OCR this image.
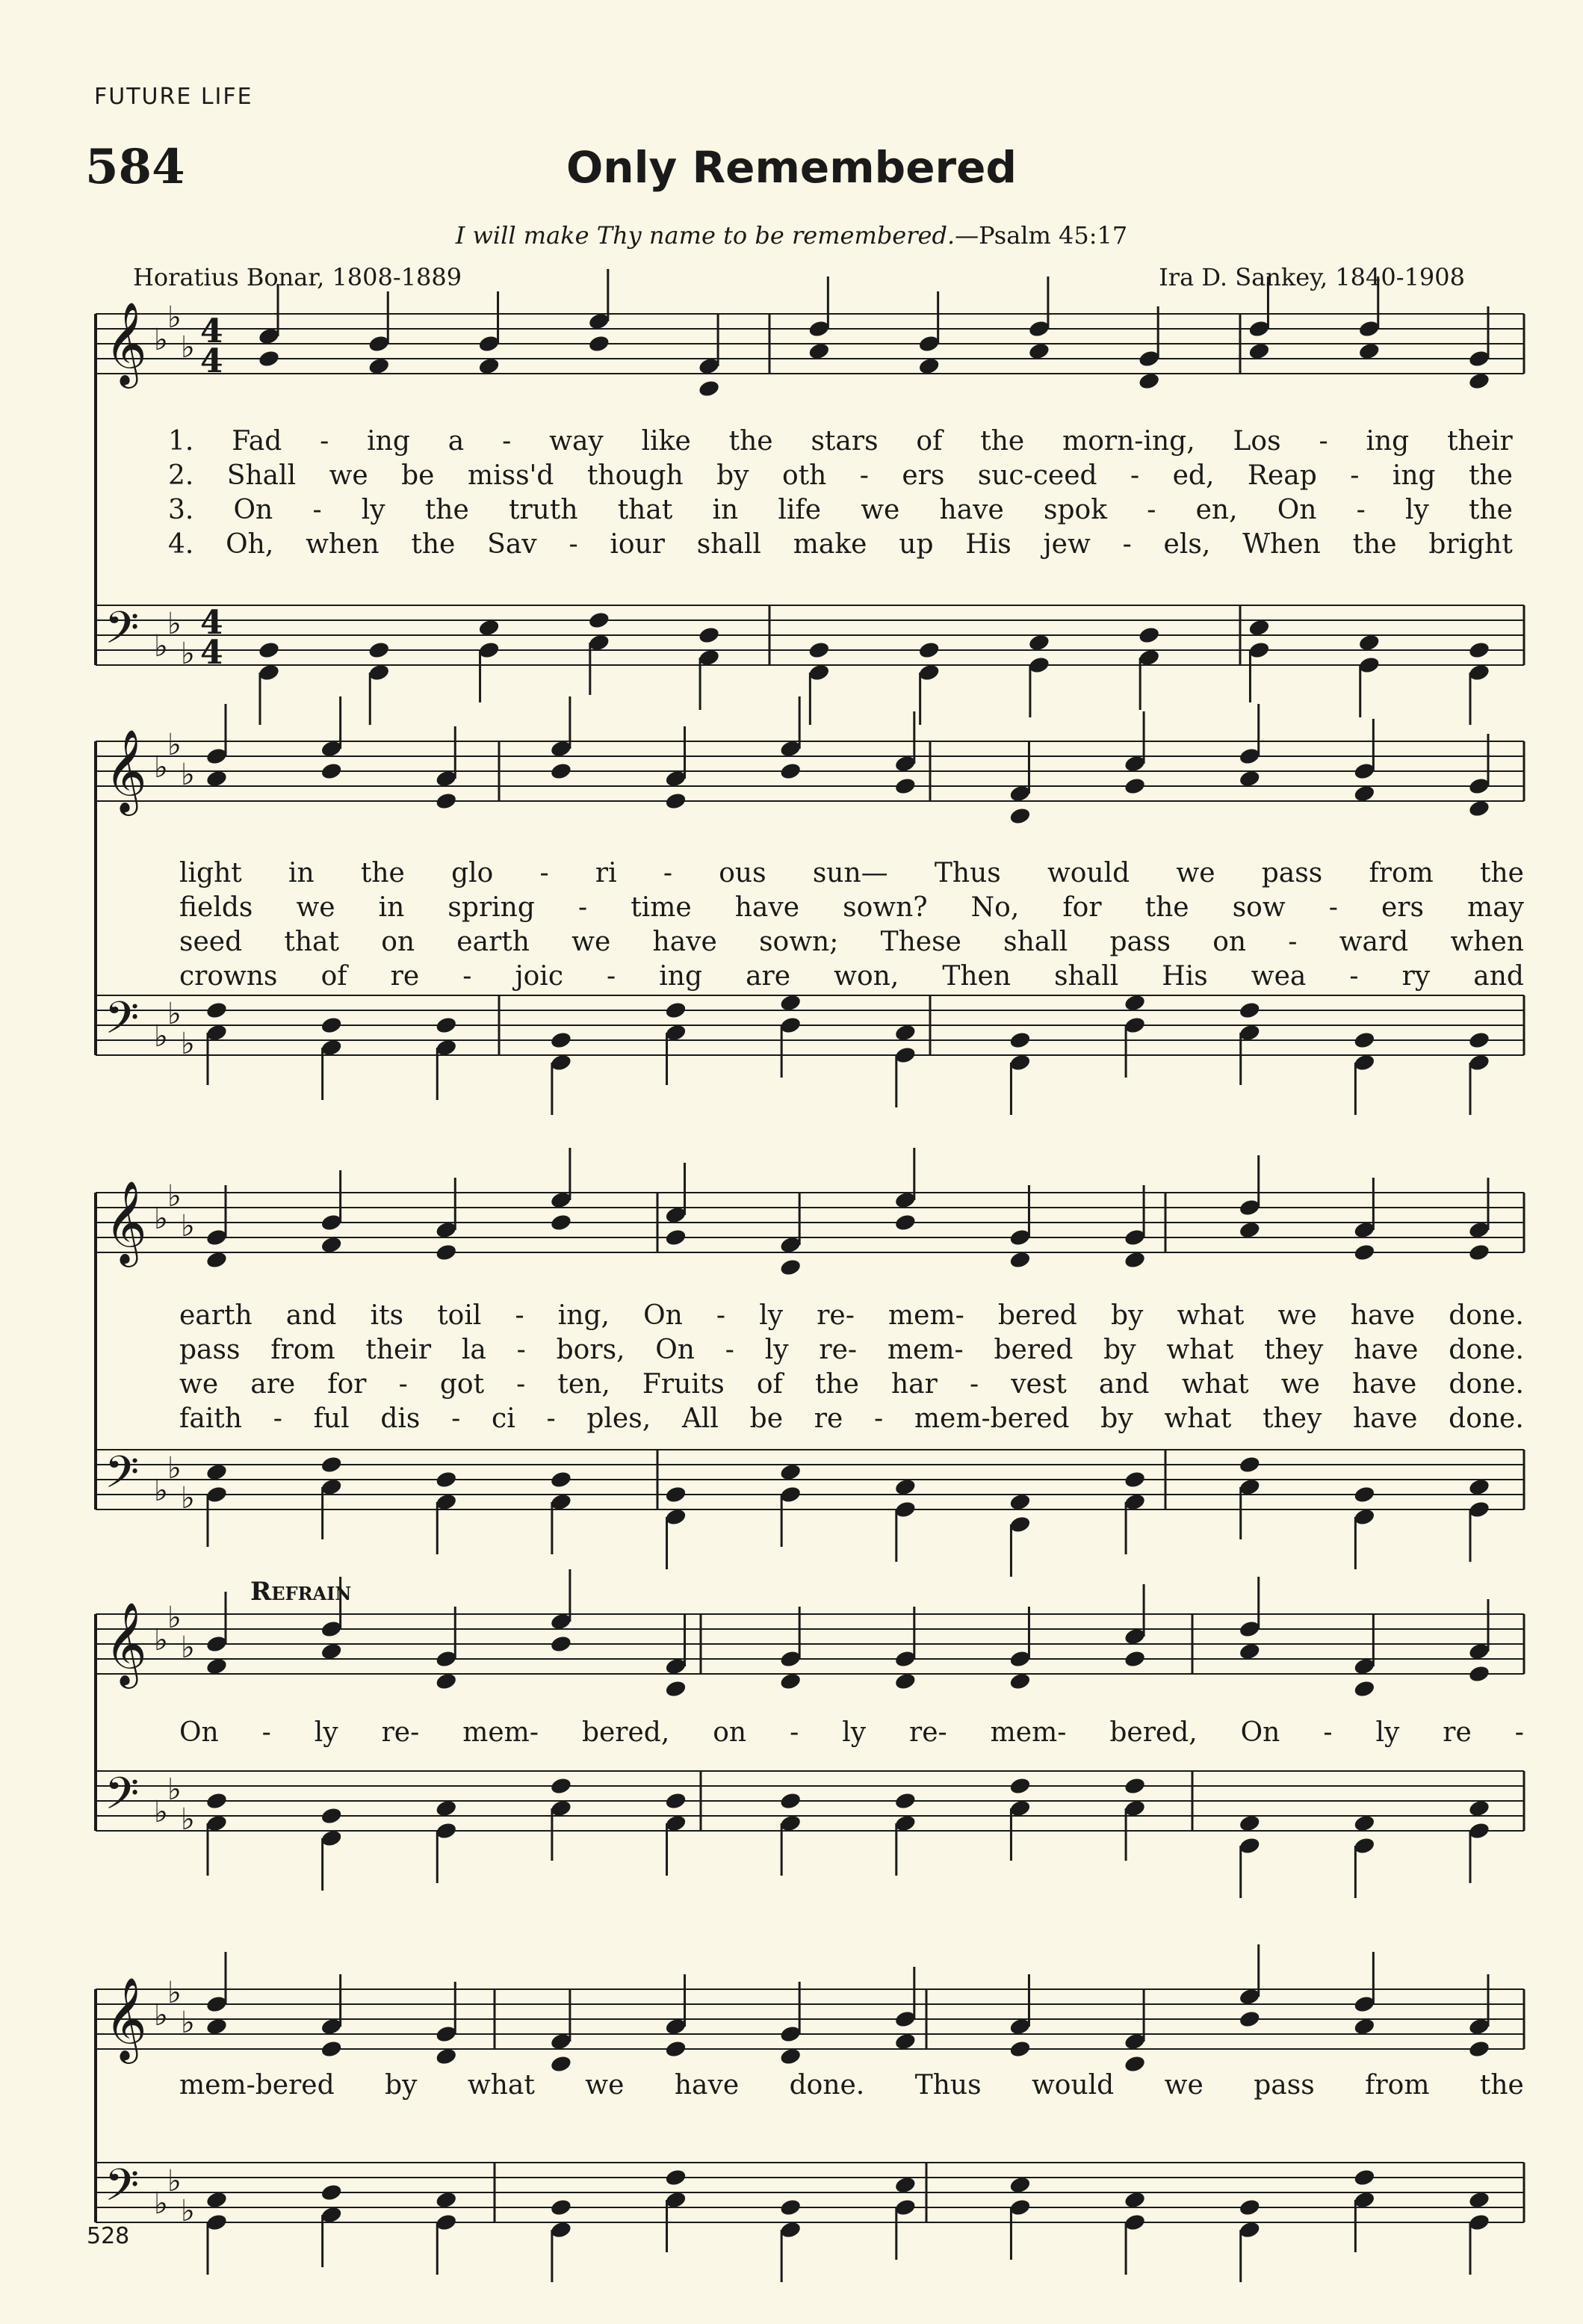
FUTURE LIFE
584	Only Remembered
I will make Thy name to be remembered.—Psalm 45:17
Horatius Bonar, 1808-1889	Ira D. Sankey, 1840-1908
𝄞
𝄢
♭
♭
♭
♭
♭
♭
4
4
4
4
𝄞
𝄢
♭
♭
♭
♭
♭
♭
𝄞
𝄢
♭
♭
♭
♭
♭
♭
𝄞
𝄢
♭
♭
♭
♭
♭
♭
𝄞
𝄢
♭
♭
♭
♭
♭
♭
Refrain
528
1. Fad - ing a - way like the stars of the morn-ing, Los - ing their
2. Shall we be miss'd though by oth - ers suc-ceed - ed, Reap - ing the
3. On - ly the truth that in life we have spok - en, On - ly the
4. Oh, when the Sav - iour shall make up His jew - els, When the bright
light in the glo - ri - ous sun— Thus would we pass from the
fields we in spring - time have sown? No, for the sow - ers may
seed that on earth we have sown; These shall pass on - ward when
crowns of re - joic - ing are won, Then shall His wea - ry and
earth and its toil - ing, On - ly re- mem- bered by what we have done.
pass from their la - bors, On - ly re- mem- bered by what they have done.
we are for - got - ten, Fruits of the har - vest and what we have done.
faith - ful dis - ci - ples, All be re - mem-bered by what they have done.
On - ly re- mem- bered, on - ly re- mem- bered, On - ly re -
mem-bered by what we have done. Thus would we pass from the
